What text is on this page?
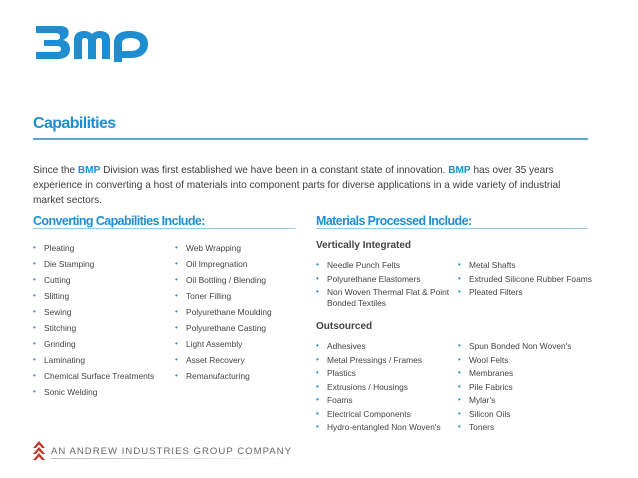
Capabilities

Since the BMP Division was first established we have been in a constant state of innovation. BMP has over 35 years experience in converting a host of materials into component parts for diverse applications in a wide variety of industrial market sectors.

Converting Capabilities Include:
• Pleating
• Die Stamping
• Cutting
• Slitting
• Sewing
• Stitching
• Grinding
• Laminating
• Chemical Surface Treatments
• Sonic Welding
• Web Wrapping
• Oil Impregnation
• Oil Bottling / Blending
• Toner Filling
• Polyurethane Moulding
• Polyurethane Casting
• Light Assembly
• Asset Recovery
• Remanufacturing
Materials Processed Include:
Vertically Integrated
• Needle Punch Felts
• Polyurethane Elastomers
• Non Woven Thermal Flat & Point Bonded Textiles
• Metal Shafts
• Extruded Silicone Rubber Foams
• Pleated Filters
Outsourced
• Adhesives
• Metal Pressings / Frames
• Plastics
• Extrusions / Housings
• Foams
• Electrical Components
• Hydro-entangled Non Woven's
• Spun Bonded Non Woven's
• Wool Felts
• Membranes
• Pile Fabrics
• Mylar's
• Silicon Oils
• Toners
AN ANDREW INDUSTRIES GROUP COMPANY
